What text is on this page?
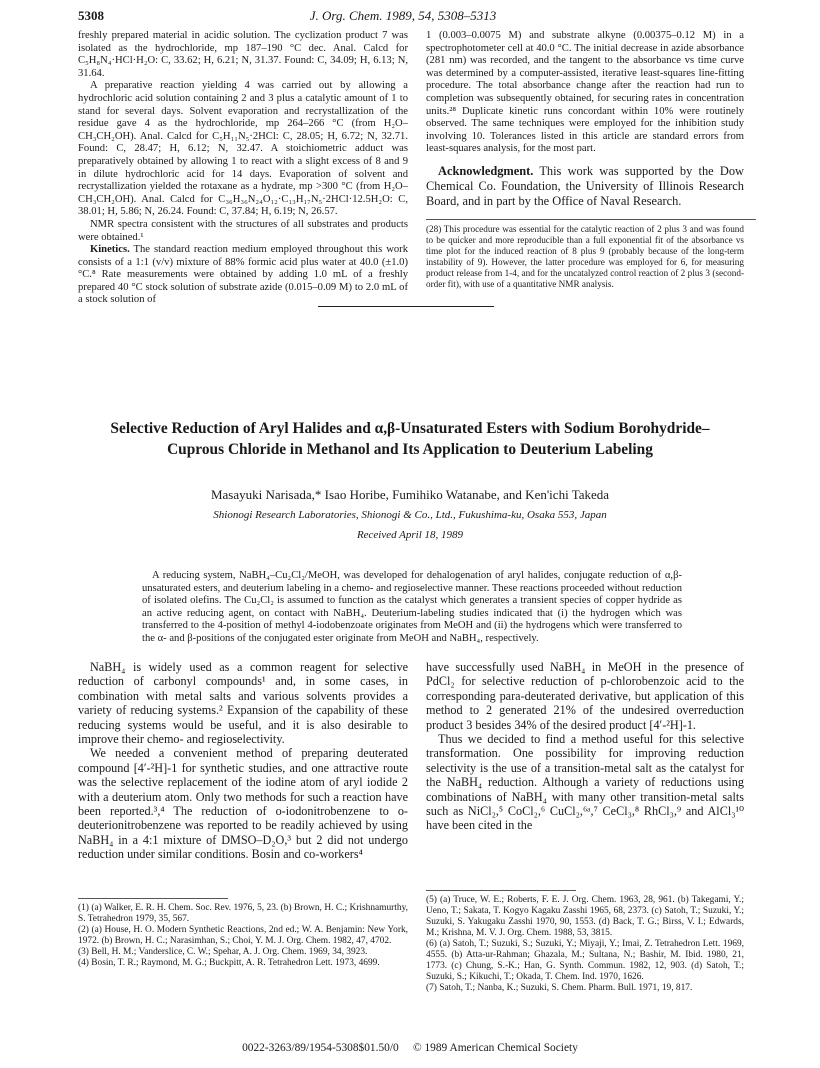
5308	J. Org. Chem. 1989, 54, 5308–5313

freshly prepared material in acidic solution. The cyclization product 7 was isolated as the hydrochloride, mp 187–190 °C dec. Anal. Calcd for C₅H₈N₄·HCl·H₂O: C, 33.62; H, 6.21; N, 31.37. Found: C, 34.09; H, 6.13; N, 31.64.

A preparative reaction yielding 4 was carried out by allowing a hydrochloric acid solution containing 2 and 3 plus a catalytic amount of 1 to stand for several days. Solvent evaporation and recrystallization of the residue gave 4 as the hydrochloride, mp 264–266 °C (from H₂O–CH₃CH₂OH). Anal. Calcd for C₅H₁₁N₅·2HCl: C, 28.05; H, 6.72; N, 32.71. Found: C, 28.47; H, 6.12; N, 32.47. A stoichiometric adduct was preparatively obtained by allowing 1 to react with a slight excess of 8 and 9 in dilute hydrochloric acid for 14 days. Evaporation of solvent and recrystallization yielded the rotaxane as a hydrate, mp >300 °C (from H₂O–CH₃CH₂OH). Anal. Calcd for C₃₆H₃₆N₂₄O₁₂·C₁₃H₁₇N₅·2HCl·12.5H₂O: C, 38.01; H, 5.86; N, 26.24. Found: C, 37.84; H, 6.19; N, 26.57.

NMR spectra consistent with the structures of all substrates and products were obtained.¹

Kinetics. The standard reaction medium employed throughout this work consists of a 1:1 (v/v) mixture of 88% formic acid plus water at 40.0 (±1.0) °C.⁸ Rate measurements were obtained by adding 1.0 mL of a freshly prepared 40 °C stock solution of substrate azide (0.015–0.09 M) to 2.0 mL of a stock solution of

1 (0.003–0.0075 M) and substrate alkyne (0.00375–0.12 M) in a spectrophotometer cell at 40.0 °C. The initial decrease in azide absorbance (281 nm) was recorded, and the tangent to the absorbance vs time curve was determined by a computer-assisted, iterative least-squares line-fitting procedure. The total absorbance change after the reaction had run to completion was subsequently obtained, for securing rates in concentration units.²⁸ Duplicate kinetic runs concordant within 10% were routinely observed. The same techniques were employed for the inhibition study involving 10. Tolerances listed in this article are standard errors from least-squares analysis, for the most part.

Acknowledgment. This work was supported by the Dow Chemical Co. Foundation, the University of Illinois Research Board, and in part by the Office of Naval Research.

(28) This procedure was essential for the catalytic reaction of 2 plus 3 and was found to be quicker and more reproducible than a full exponential fit of the absorbance vs time plot for the induced reaction of 8 plus 9 (probably because of the long-term instability of 9). However, the latter procedure was employed for 6, for measuring product release from 1-4, and for the uncatalyzed control reaction of 2 plus 3 (second-order fit), with use of a quantitative NMR analysis.

Selective Reduction of Aryl Halides and α,β-Unsaturated Esters with Sodium Borohydride–Cuprous Chloride in Methanol and Its Application to Deuterium Labeling
Masayuki Narisada,* Isao Horibe, Fumihiko Watanabe, and Ken'ichi Takeda
Shionogi Research Laboratories, Shionogi & Co., Ltd., Fukushima-ku, Osaka 553, Japan
Received April 18, 1989
A reducing system, NaBH₄–Cu₂Cl₂/MeOH, was developed for dehalogenation of aryl halides, conjugate reduction of α,β-unsaturated esters, and deuterium labeling in a chemo- and regioselective manner. These reactions proceeded without reduction of isolated olefins. The Cu₂Cl₂ is assumed to function as the catalyst which generates a transient species of copper hydride as an active reducing agent, on contact with NaBH₄. Deuterium-labeling studies indicated that (i) the hydrogen which was transferred to the 4-position of methyl 4-iodobenzoate originates from MeOH and (ii) the hydrogens which were transferred to the α- and β-positions of the conjugated ester originate from MeOH and NaBH₄, respectively.

NaBH₄ is widely used as a common reagent for selective reduction of carbonyl compounds¹ and, in some cases, in combination with metal salts and various solvents provides a variety of reducing systems.² Expansion of the capability of these reducing systems would be useful, and it is also desirable to improve their chemo- and regioselectivity.

We needed a convenient method of preparing deuterated compound [4′-²H]-1 for synthetic studies, and one attractive route was the selective replacement of the iodine atom of aryl iodide 2 with a deuterium atom. Only two methods for such a reaction have been reported.³,⁴ The reduction of o-iodonitrobenzene to o-deuterionitrobenzene was reported to be readily achieved by using NaBH₄ in a 4:1 mixture of DMSO–D₂O,³ but 2 did not undergo reduction under similar conditions. Bosin and co-workers⁴

(1) (a) Walker, E. R. H. Chem. Soc. Rev. 1976, 5, 23. (b) Brown, H. C.; Krishnamurthy, S. Tetrahedron 1979, 35, 567.

(2) (a) House, H. O. Modern Synthetic Reactions, 2nd ed.; W. A. Benjamin: New York, 1972. (b) Brown, H. C.; Narasimhan, S.; Choi, Y. M. J. Org. Chem. 1982, 47, 4702.

(3) Bell, H. M.; Vanderslice, C. W.; Spehar, A. J. Org. Chem. 1969, 34, 3923.

(4) Bosin, T. R.; Raymond, M. G.; Buckpitt, A. R. Tetrahedron Lett. 1973, 4699.

have successfully used NaBH₄ in MeOH in the presence of PdCl₂ for selective reduction of p-chlorobenzoic acid to the corresponding para-deuterated derivative, but application of this method to 2 generated 21% of the undesired overreduction product 3 besides 34% of the desired product [4′-²H]-1.

Thus we decided to find a method useful for this selective transformation. One possibility for improving reduction selectivity is the use of a transition-metal salt as the catalyst for the NaBH₄ reduction. Although a variety of reductions using combinations of NaBH₄ with many other transition-metal salts such as NiCl₂,⁵ CoCl₂,⁶ CuCl₂,⁶ᵃ,⁷ CeCl₃,⁸ RhCl₃,⁹ and AlCl₃¹⁰ have been cited in the

(5) (a) Truce, W. E.; Roberts, F. E. J. Org. Chem. 1963, 28, 961. (b) Takegami, Y.; Ueno, T.; Sakata, T. Kogyo Kagaku Zasshi 1965, 68, 2373. (c) Satoh, T.; Suzuki, Y.; Suzuki, S. Yakugaku Zasshi 1970, 90, 1553. (d) Back, T. G.; Birss, V. I.; Edwards, M.; Krishna, M. V. J. Org. Chem. 1988, 53, 3815.

(6) (a) Satoh, T.; Suzuki, S.; Suzuki, Y.; Miyaji, Y.; Imai, Z. Tetrahedron Lett. 1969, 4555. (b) Atta-ur-Rahman; Ghazala, M.; Sultana, N.; Bashir, M. Ibid. 1980, 21, 1773. (c) Chung, S.-K.; Han, G. Synth. Commun. 1982, 12, 903. (d) Satoh, T.; Suzuki, S.; Kikuchi, T.; Okada, T. Chem. Ind. 1970, 1626.

(7) Satoh, T.; Nanba, K.; Suzuki, S. Chem. Pharm. Bull. 1971, 19, 817.

0022-3263/89/1954-5308$01.50/0 © 1989 American Chemical Society
